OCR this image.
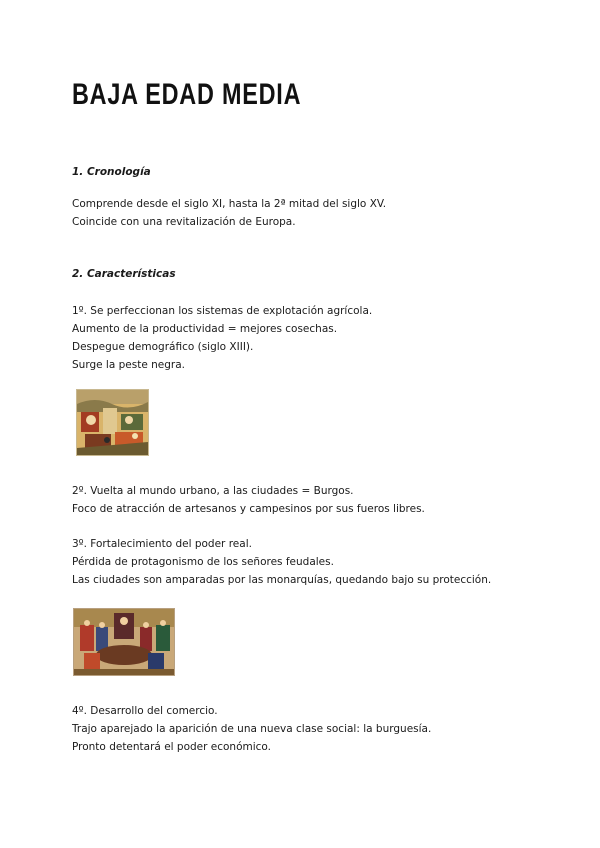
BAJA EDAD MEDIA
1. Cronología
Comprende desde el siglo XI, hasta la 2ª mitad del siglo XV.
Coincide con una revitalización de Europa.
2. Características
1º. Se perfeccionan los sistemas de explotación agrícola.
Aumento de la productividad = mejores cosechas.
Despegue demográfico (siglo XIII).
Surge la peste negra.
2º. Vuelta al mundo urbano, a las ciudades = Burgos.
Foco de atracción de artesanos y campesinos por sus fueros libres.
3º. Fortalecimiento del poder real.
Pérdida de protagonismo de los señores feudales.
Las ciudades son amparadas por las monarquías, quedando bajo su protección.
4º. Desarrollo del comercio.
Trajo aparejado la aparición de una nueva clase social: la burguesía.
Pronto detentará el poder económico.
